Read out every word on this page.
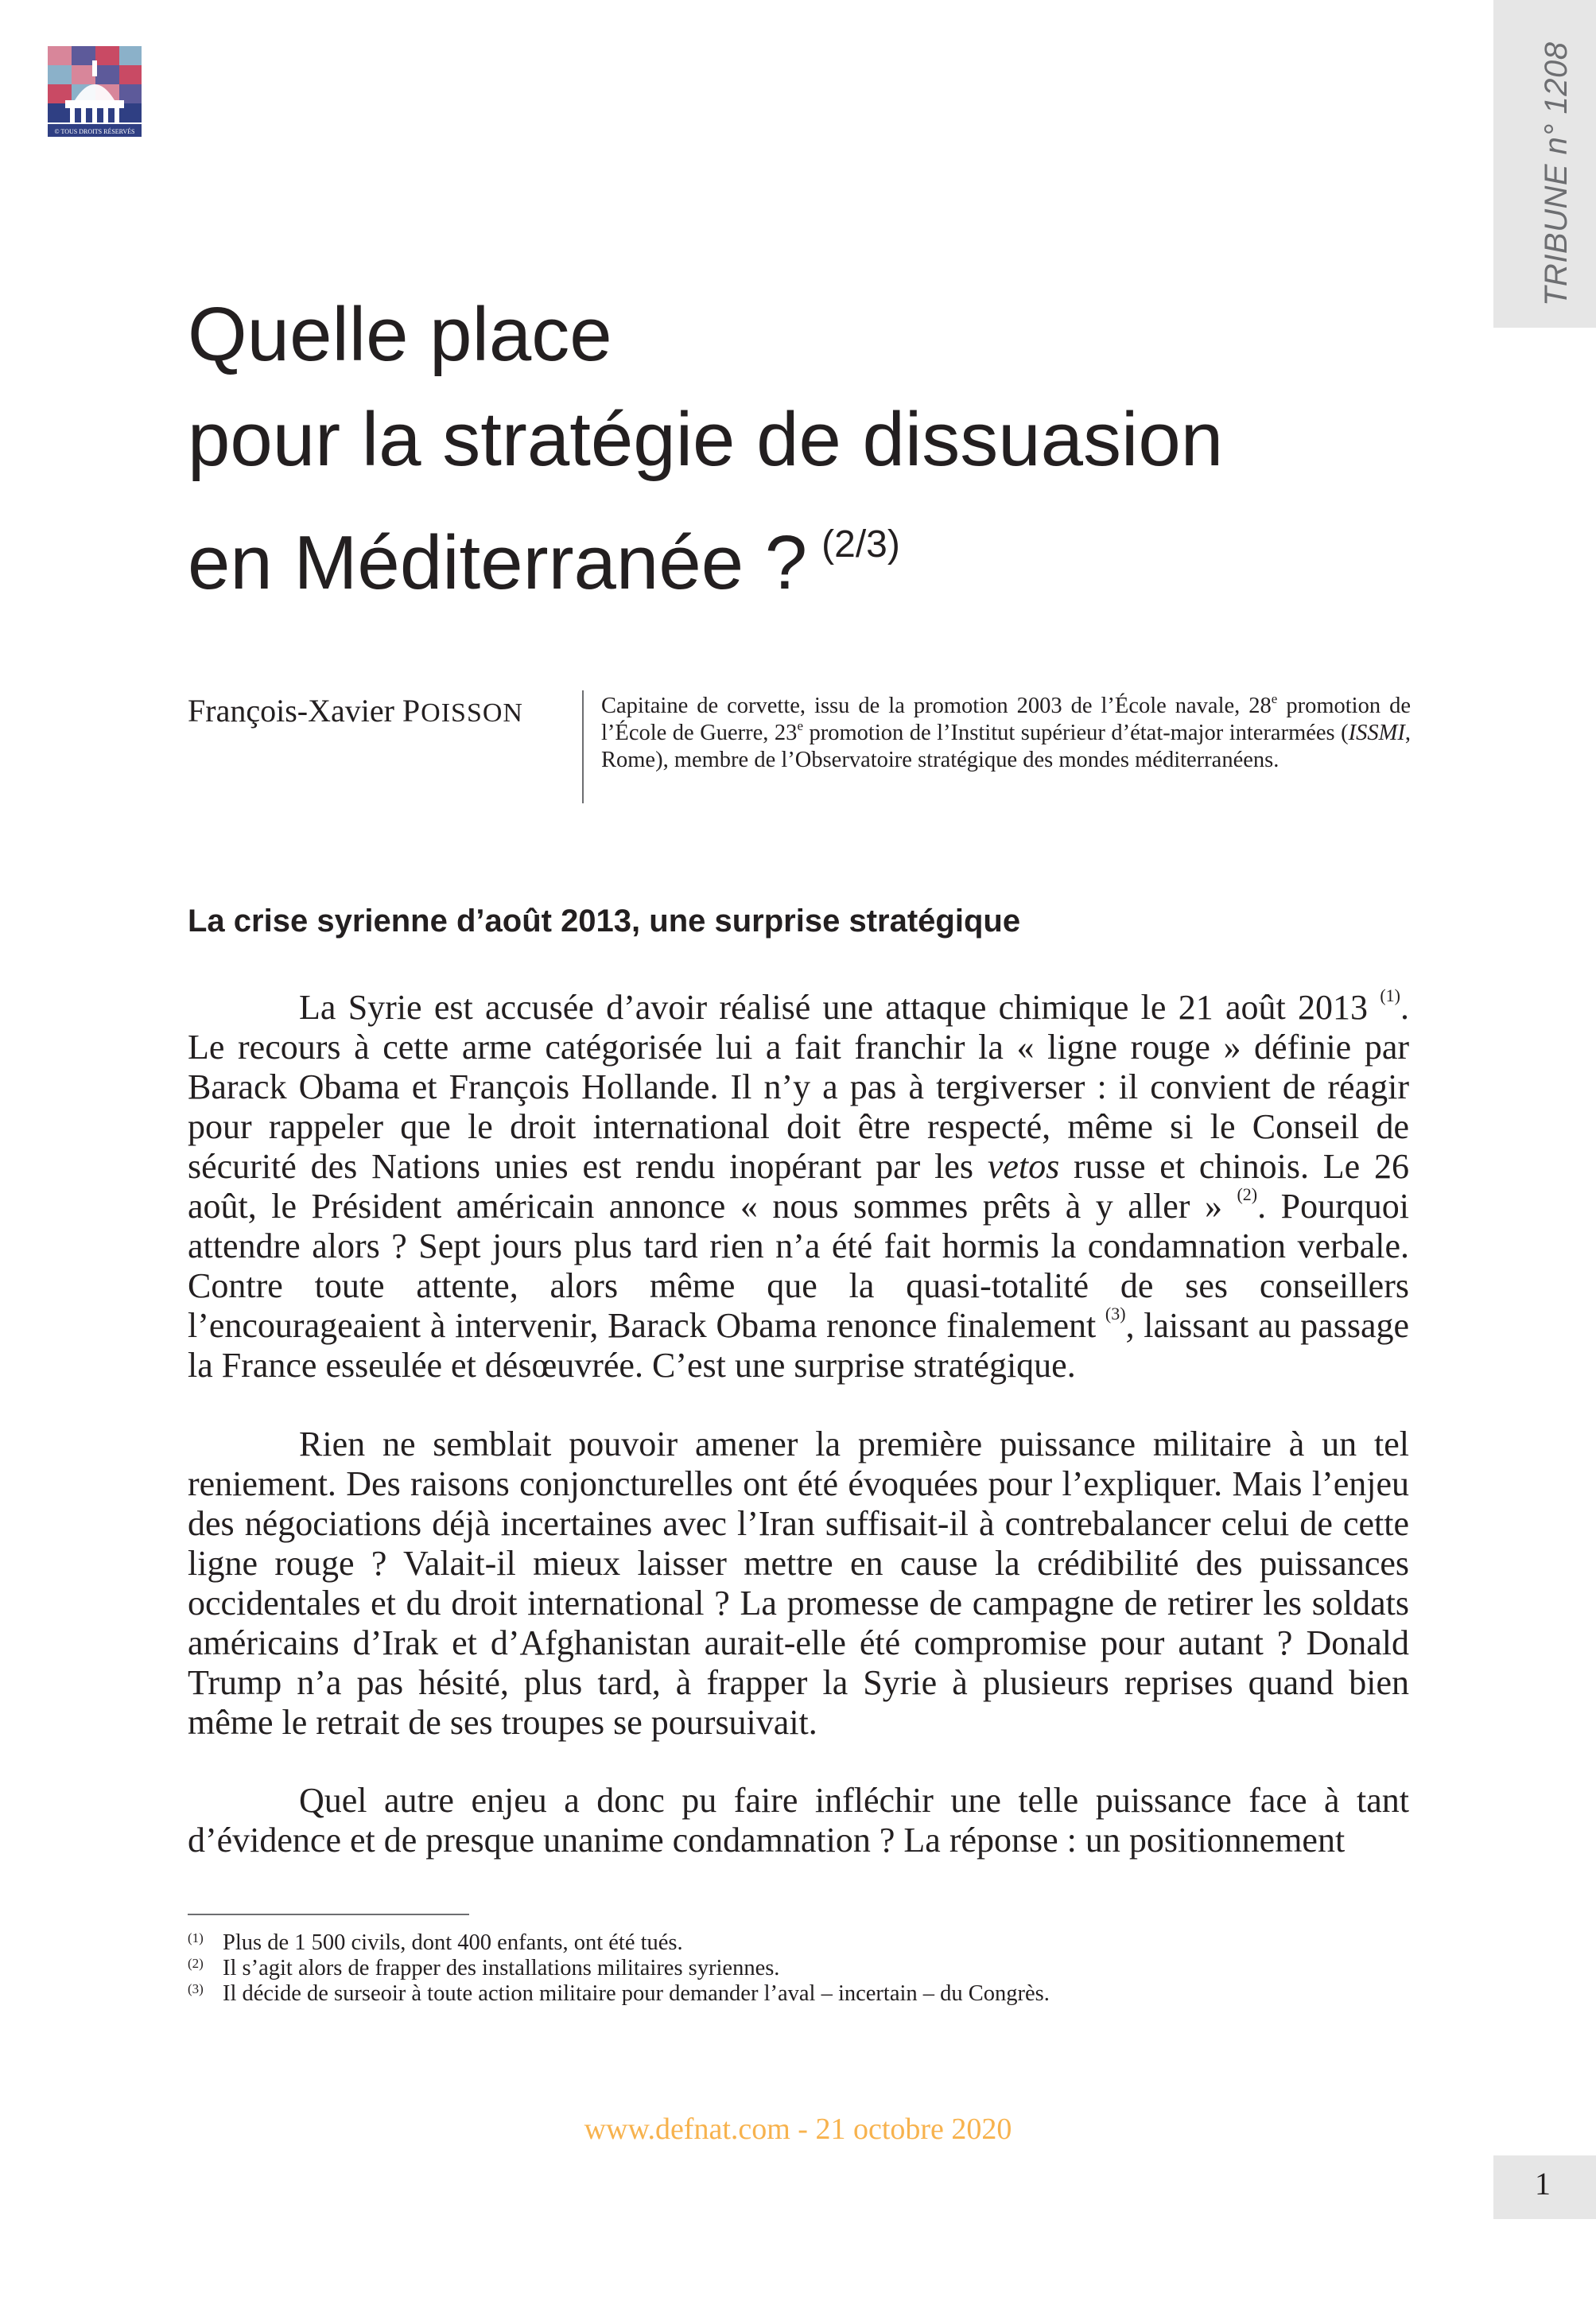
© TOUS DROITS RÉSERVÉS	TRIBUNE n° 1208
Quelle place
pour la stratégie de dissuasion
en Méditerranée ? $^{(2/3)}$
François-Xavier POISSON	Capitaine de corvette, issu de la promotion 2003 de l’École navale, 28e promotion de l’École de Guerre, 23e promotion de l’Institut supérieur d’état-major interarmées (ISSMI, Rome), membre de l’Observatoire stratégique des mondes méditerranéens.
La crise syrienne d’août 2013, une surprise stratégique

La Syrie est accusée d’avoir réalisé une attaque chimique le 21 août 2013 $^{(1)}$. Le recours à cette arme catégorisée lui a fait franchir la « ligne rouge » définie par Barack Obama et François Hollande. Il n’y a pas à tergiverser : il convient de réagir pour rappeler que le droit international doit être respecté, même si le Conseil de sécurité des Nations unies est rendu inopérant par les vetos russe et chinois. Le 26 août, le Président américain annonce « nous sommes prêts à y aller » $^{(2)}$. Pourquoi attendre alors ? Sept jours plus tard rien n’a été fait hormis la condamnation verbale. Contre toute attente, alors même que la quasi-totalité de ses conseillers l’encourageaient à intervenir, Barack Obama renonce finalement $^{(3)}$, laissant au passage la France esseulée et désœuvrée. C’est une surprise stratégique.

Rien ne semblait pouvoir amener la première puissance militaire à un tel reniement. Des raisons conjoncturelles ont été évoquées pour l’expliquer. Mais l’enjeu des négociations déjà incertaines avec l’Iran suffisait-il à contrebalancer celui de cette ligne rouge ? Valait-il mieux laisser mettre en cause la crédibilité des puissances occidentales et du droit international ? La promesse de campagne de retirer les soldats américains d’Irak et d’Afghanistan aurait-elle été compromise pour autant ? Donald Trump n’a pas hésité, plus tard, à frapper la Syrie à plusieurs reprises quand bien même le retrait de ses troupes se poursuivait.

Quel autre enjeu a donc pu faire infléchir une telle puissance face à tant d’évidence et de presque unanime condamnation ? La réponse : un positionnement

(1) Plus de 1 500 civils, dont 400 enfants, ont été tués.
(2) Il s’agit alors de frapper des installations militaires syriennes.
(3) Il décide de surseoir à toute action militaire pour demander l’aval – incertain – du Congrès.
www.defnat.com - 21 octobre 2020
1
